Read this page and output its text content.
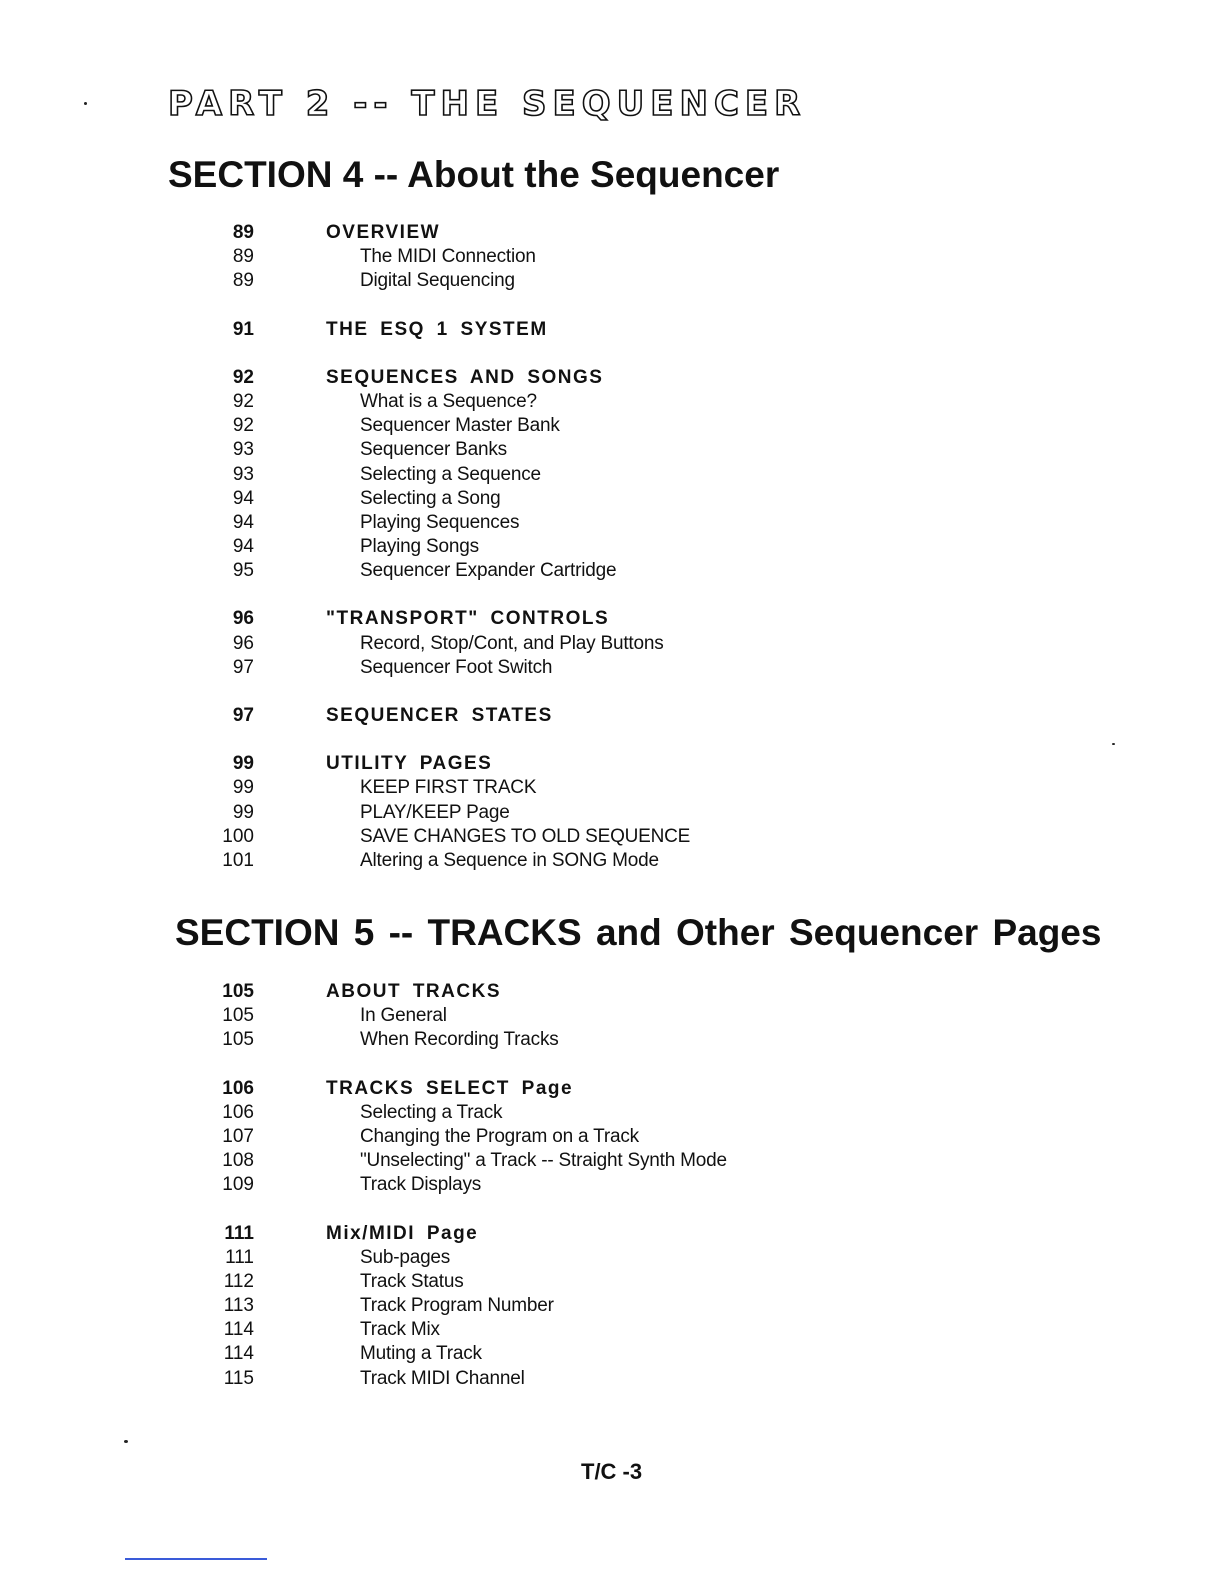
PART 2 -- THE SEQUENCER
SECTION 4 -- About the Sequencer
89	OVERVIEW
89	The MIDI Connection
89	Digital Sequencing
91	THE ESQ 1 SYSTEM
92	SEQUENCES AND SONGS
92	What is a Sequence?
92	Sequencer Master Bank
93	Sequencer Banks
93	Selecting a Sequence
94	Selecting a Song
94	Playing Sequences
94	Playing Songs
95	Sequencer Expander Cartridge
96	"TRANSPORT" CONTROLS
96	Record, Stop/Cont, and Play Buttons
97	Sequencer Foot Switch
97	SEQUENCER STATES
99	UTILITY PAGES
99	KEEP FIRST TRACK
99	PLAY/KEEP Page
100	SAVE CHANGES TO OLD SEQUENCE
101	Altering a Sequence in SONG Mode
SECTION 5 -- TRACKS and Other Sequencer Pages
105	ABOUT TRACKS
105	In General
105	When Recording Tracks
106	TRACKS SELECT Page
106	Selecting a Track
107	Changing the Program on a Track
108	"Unselecting" a Track -- Straight Synth Mode
109	Track Displays
111	Mix/MIDI Page
111	Sub-pages
112	Track Status
113	Track Program Number
114	Track Mix
114	Muting a Track
115	Track MIDI Channel
T/C -3
